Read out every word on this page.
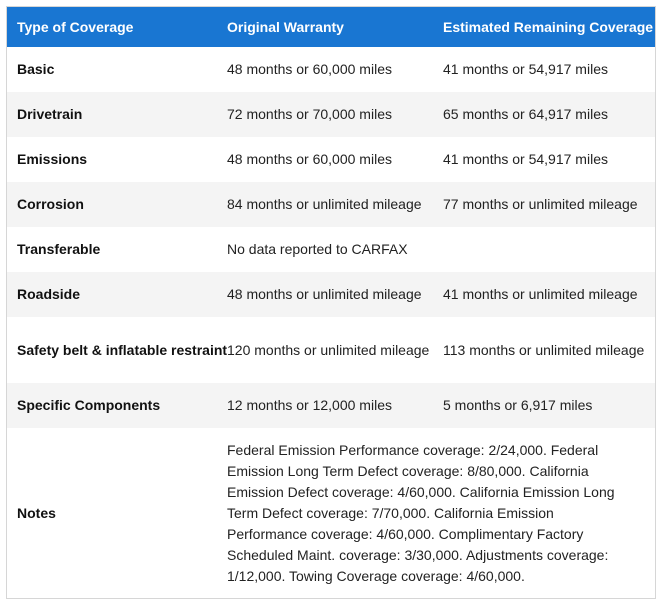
Type of Coverage	Original Warranty	Estimated Remaining Coverage
Basic	48 months or 60,000 miles	41 months or 54,917 miles
Drivetrain	72 months or 70,000 miles	65 months or 64,917 miles
Emissions	48 months or 60,000 miles	41 months or 54,917 miles
Corrosion	84 months or unlimited mileage	77 months or unlimited mileage
Transferable	No data reported to CARFAX	
Roadside	48 months or unlimited mileage	41 months or unlimited mileage
Safety belt & inflatable restraint	120 months or unlimited mileage	113 months or unlimited mileage
Specific Components	12 months or 12,000 miles	5 months or 6,917 miles
Notes	Federal Emission Performance coverage: 2/24,000. Federal Emission Long Term Defect coverage: 8/80,000. California Emission Defect coverage: 4/60,000. California Emission Long Term Defect coverage: 7/70,000. California Emission Performance coverage: 4/60,000. Complimentary Factory Scheduled Maint. coverage: 3/30,000. Adjustments coverage: 1/12,000. Towing Coverage coverage: 4/60,000.	
